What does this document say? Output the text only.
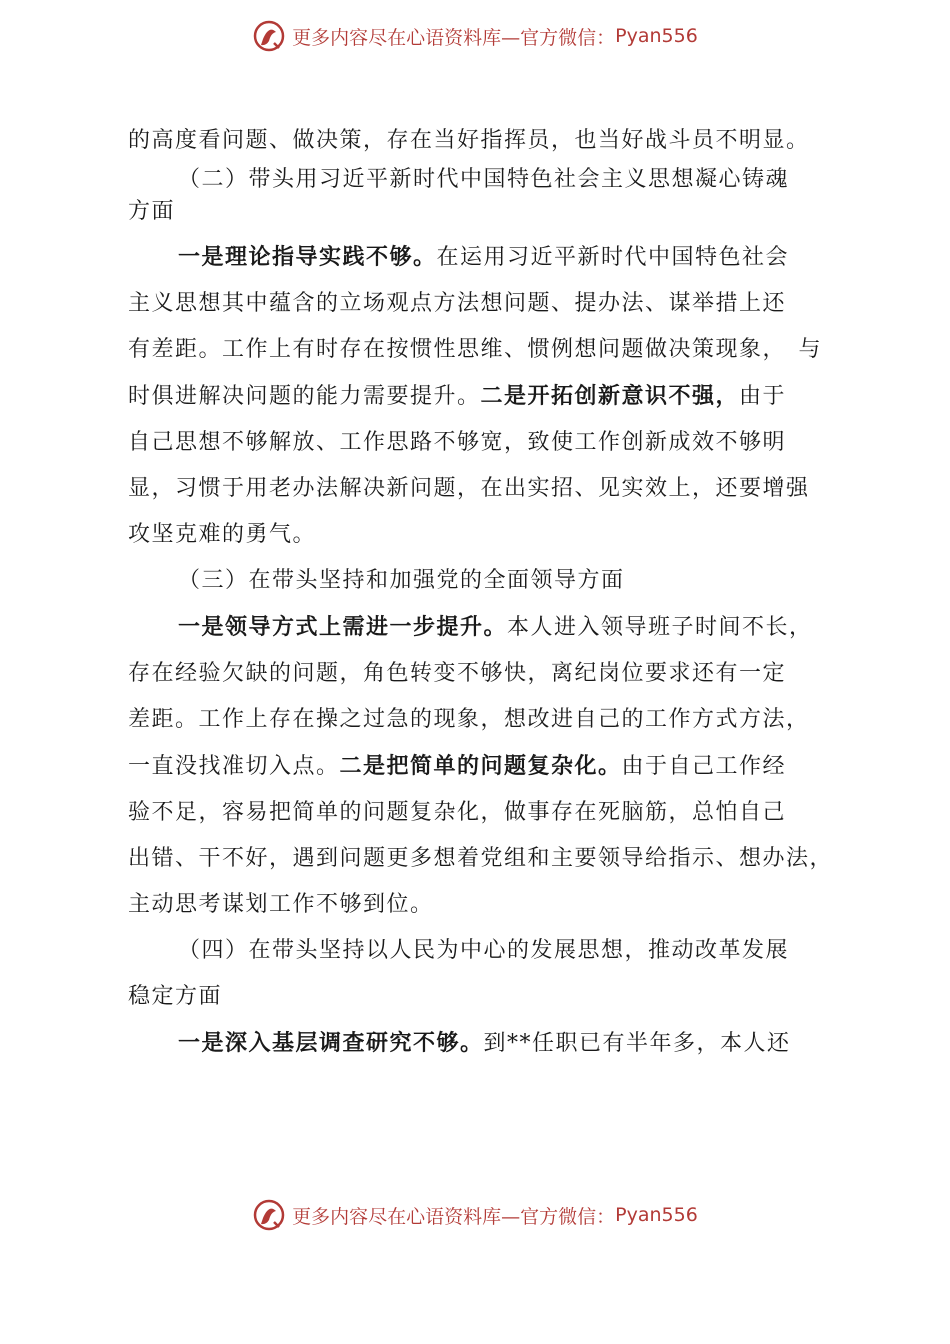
更多内容尽在心语资料库—官方微信： Pyan556

的高度看问题、做决策，存在当好指挥员，也当好战斗员不明显。

（二）带头用习近平新时代中国特色社会主义思想凝心铸魂

方面

一是理论指导实践不够。在运用习近平新时代中国特色社会

主义思想其中蕴含的立场观点方法想问题、提办法、谋举措上还

有差距。工作上有时存在按惯性思维、惯例想问题做决策现象，　与

时俱进解决问题的能力需要提升。二是开拓创新意识不强，由于

自己思想不够解放、工作思路不够宽，致使工作创新成效不够明

显，习惯于用老办法解决新问题，在出实招、见实效上，还要增强

攻坚克难的勇气。

（三）在带头坚持和加强党的全面领导方面

一是领导方式上需进一步提升。本人进入领导班子时间不长，

存在经验欠缺的问题，角色转变不够快，离纪岗位要求还有一定

差距。工作上存在操之过急的现象，想改进自己的工作方式方法，

一直没找准切入点。二是把简单的问题复杂化。由于自己工作经

验不足，容易把简单的问题复杂化，做事存在死脑筋，总怕自己

出错、干不好，遇到问题更多想着党组和主要领导给指示、想办法，

主动思考谋划工作不够到位。

（四）在带头坚持以人民为中心的发展思想，推动改革发展

稳定方面

一是深入基层调查研究不够。到**任职已有半年多，本人还

更多内容尽在心语资料库—官方微信： Pyan556
